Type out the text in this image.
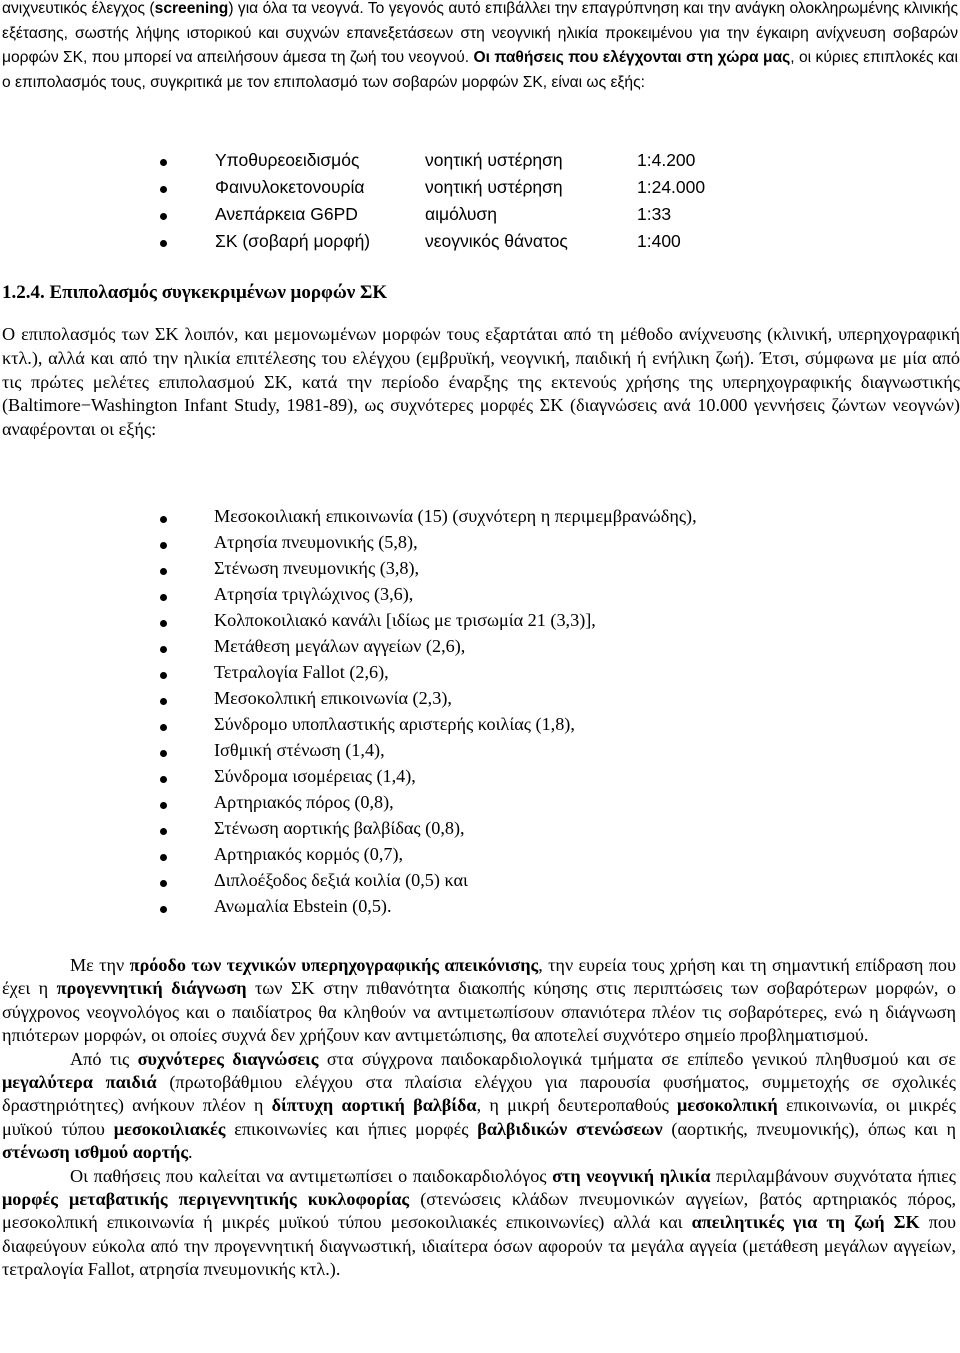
ανιχνευτικός έλεγχος (screening) για όλα τα νεογνά. Το γεγονός αυτό επιβάλλει την επαγρύπνηση και την ανάγκη ολοκληρωμένης κλινικής εξέτασης, σωστής λήψης ιστορικού και συχνών επανεξετάσεων στη νεογνική ηλικία προκειμένου για την έγκαιρη ανίχνευση σοβαρών μορφών ΣΚ, που μπορεί να απειλήσουν άμεσα τη ζωή του νεογνού. Οι παθήσεις που ελέγχονται στη χώρα μας, οι κύριες επιπλοκές και ο επιπολασμός τους, συγκριτικά με τον επιπολασμό των σοβαρών μορφών ΣΚ, είναι ως εξής:

Υποθυρεοειδισμός	νοητική υστέρηση	1:4.200
Φαινυλοκετονουρία	νοητική υστέρηση	1:24.000
Ανεπάρκεια G6PD	αιμόλυση	1:33
ΣΚ (σοβαρή μορφή)	νεογνικός θάνατος	1:400
1.2.4. Επιπολασμός συγκεκριμένων μορφών ΣΚ

Ο επιπολασμός των ΣΚ λοιπόν, και μεμονωμένων μορφών τους εξαρτάται από τη μέθοδο ανίχνευσης (κλινική, υπερηχογραφική κτλ.), αλλά και από την ηλικία επιτέλεσης του ελέγχου (εμβρυϊκή, νεογνική, παιδική ή ενήλικη ζωή). Έτσι, σύμφωνα με μία από τις πρώτες μελέτες επιπολασμού ΣΚ, κατά την περίοδο έναρξης της εκτενούς χρήσης της υπερηχογραφικής διαγνωστικής (Baltimore−Washington Infant Study, 1981-89), ως συχνότερες μορφές ΣΚ (διαγνώσεις ανά 10.000 γεννήσεις ζώντων νεογνών) αναφέρονται οι εξής:

Μεσοκοιλιακή επικοινωνία (15) (συχνότερη η περιμεμβρανώδης),
Ατρησία πνευμονικής (5,8),
Στένωση πνευμονικής (3,8),
Ατρησία τριγλώχινος (3,6),
Κολποκοιλιακό κανάλι [ιδίως με τρισωμία 21 (3,3)],
Μετάθεση μεγάλων αγγείων (2,6),
Τετραλογία Fallot (2,6),
Μεσοκολπική επικοινωνία (2,3),
Σύνδρομο υποπλαστικής αριστερής κοιλίας (1,8),
Ισθμική στένωση (1,4),
Σύνδρομα ισομέρειας (1,4),
Αρτηριακός πόρος (0,8),
Στένωση αορτικής βαλβίδας (0,8),
Αρτηριακός κορμός (0,7),
Διπλοέξοδος δεξιά κοιλία (0,5) και
Ανωμαλία Ebstein (0,5).

Με την πρόοδο των τεχνικών υπερηχογραφικής απεικόνισης, την ευρεία τους χρήση και τη σημαντική επίδραση που έχει η προγεννητική διάγνωση των ΣΚ στην πιθανότητα διακοπής κύησης στις περιπτώσεις των σοβαρότερων μορφών, ο σύγχρονος νεογνολόγος και ο παιδίατρος θα κληθούν να αντιμετωπίσουν σπανιότερα πλέον τις σοβαρότερες, ενώ η διάγνωση ηπιότερων μορφών, οι οποίες συχνά δεν χρήζουν καν αντιμετώπισης, θα αποτελεί συχνότερο σημείο προβληματισμού.

Από τις συχνότερες διαγνώσεις στα σύγχρονα παιδοκαρδιολογικά τμήματα σε επίπεδο γενικού πληθυσμού και σε μεγαλύτερα παιδιά (πρωτοβάθμιου ελέγχου στα πλαίσια ελέγχου για παρουσία φυσήματος, συμμετοχής σε σχολικές δραστηριότητες) ανήκουν πλέον η δίπτυχη αορτική βαλβίδα, η μικρή δευτεροπαθούς μεσοκολπική επικοινωνία, οι μικρές μυϊκού τύπου μεσοκοιλιακές επικοινωνίες και ήπιες μορφές βαλβιδικών στενώσεων (αορτικής, πνευμονικής), όπως και η στένωση ισθμού αορτής.

Οι παθήσεις που καλείται να αντιμετωπίσει ο παιδοκαρδιολόγος στη νεογνική ηλικία περιλαμβάνουν συχνότατα ήπιες μορφές μεταβατικής περιγεννητικής κυκλοφορίας (στενώσεις κλάδων πνευμονικών αγγείων, βατός αρτηριακός πόρος, μεσοκολπική επικοινωνία ή μικρές μυϊκού τύπου μεσοκοιλιακές επικοινωνίες) αλλά και απειλητικές για τη ζωή ΣΚ που διαφεύγουν εύκολα από την προγεννητική διαγνωστική, ιδιαίτερα όσων αφορούν τα μεγάλα αγγεία (μετάθεση μεγάλων αγγείων, τετραλογία Fallot, ατρησία πνευμονικής κτλ.).
